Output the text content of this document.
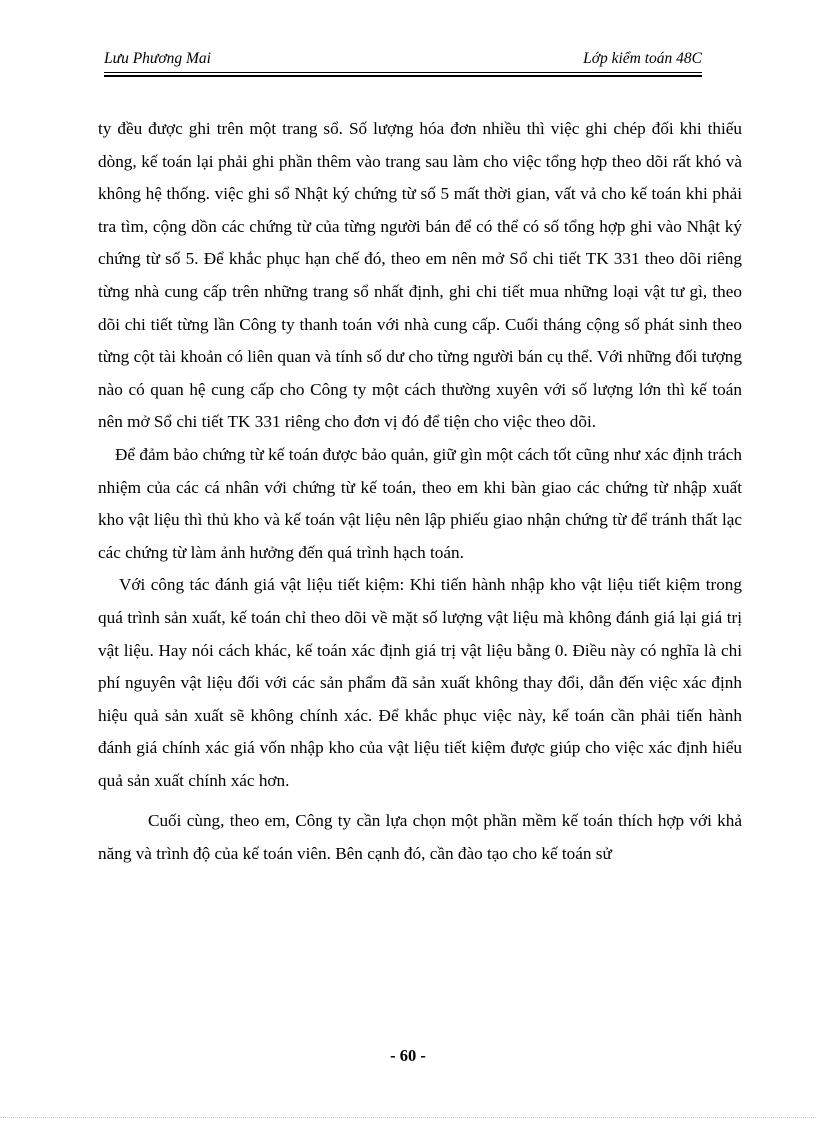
Lưu Phương Mai	Lớp kiểm toán 48C

ty đều được ghi trên một trang sổ. Số lượng hóa đơn nhiều thì việc ghi chép đối khi thiếu dòng, kế toán lại phải ghi phần thêm vào trang sau làm cho việc tổng hợp theo dõi rất khó và không hệ thống. việc ghi sổ Nhật ký chứng từ số 5 mất thời gian, vất vả cho kế toán khi phải tra tìm, cộng dồn các chứng từ của từng người bán để có thể có số tổng hợp ghi vào Nhật ký chứng từ số 5. Để khắc phục hạn chế đó, theo em nên mở Sổ chi tiết TK 331 theo dõi riêng từng nhà cung cấp trên những trang sổ nhất định, ghi chi tiết mua những loại vật tư gì, theo dõi chi tiết từng lần Công ty thanh toán với nhà cung cấp. Cuối tháng cộng số phát sinh theo từng cột tài khoản có liên quan và tính số dư cho từng người bán cụ thể. Với những đối tượng nào có quan hệ cung cấp cho Công ty một cách thường xuyên với số lượng lớn thì kế toán nên mở Sổ chi tiết TK 331 riêng cho đơn vị đó để tiện cho việc theo dõi.

Để đảm bảo chứng từ kế toán được bảo quản, giữ gìn một cách tốt cũng như xác định trách nhiệm của các cá nhân với chứng từ kế toán, theo em khi bàn giao các chứng từ nhập xuất kho vật liệu thì thủ kho và kế toán vật liệu nên lập phiếu giao nhận chứng từ để tránh thất lạc các chứng từ làm ảnh hưởng đến quá trình hạch toán.

Với công tác đánh giá vật liệu tiết kiệm: Khi tiến hành nhập kho vật liệu tiết kiệm trong quá trình sản xuất, kế toán chỉ theo dõi về mặt số lượng vật liệu mà không đánh giá lại giá trị vật liệu. Hay nói cách khác, kế toán xác định giá trị vật liệu bằng 0. Điều này có nghĩa là chi phí nguyên vật liệu đối với các sản phẩm đã sản xuất không thay đổi, dẫn đến việc xác định hiệu quả sản xuất sẽ không chính xác. Để khắc phục việc này, kế toán cần phải tiến hành đánh giá chính xác giá vốn nhập kho của vật liệu tiết kiệm được giúp cho việc xác định hiểu quả sản xuất chính xác hơn.

Cuối cùng, theo em, Công ty cần lựa chọn một phần mềm kế toán thích hợp với khả năng và trình độ của kế toán viên. Bên cạnh đó, cần đào tạo cho kế toán sử

- 60 -
